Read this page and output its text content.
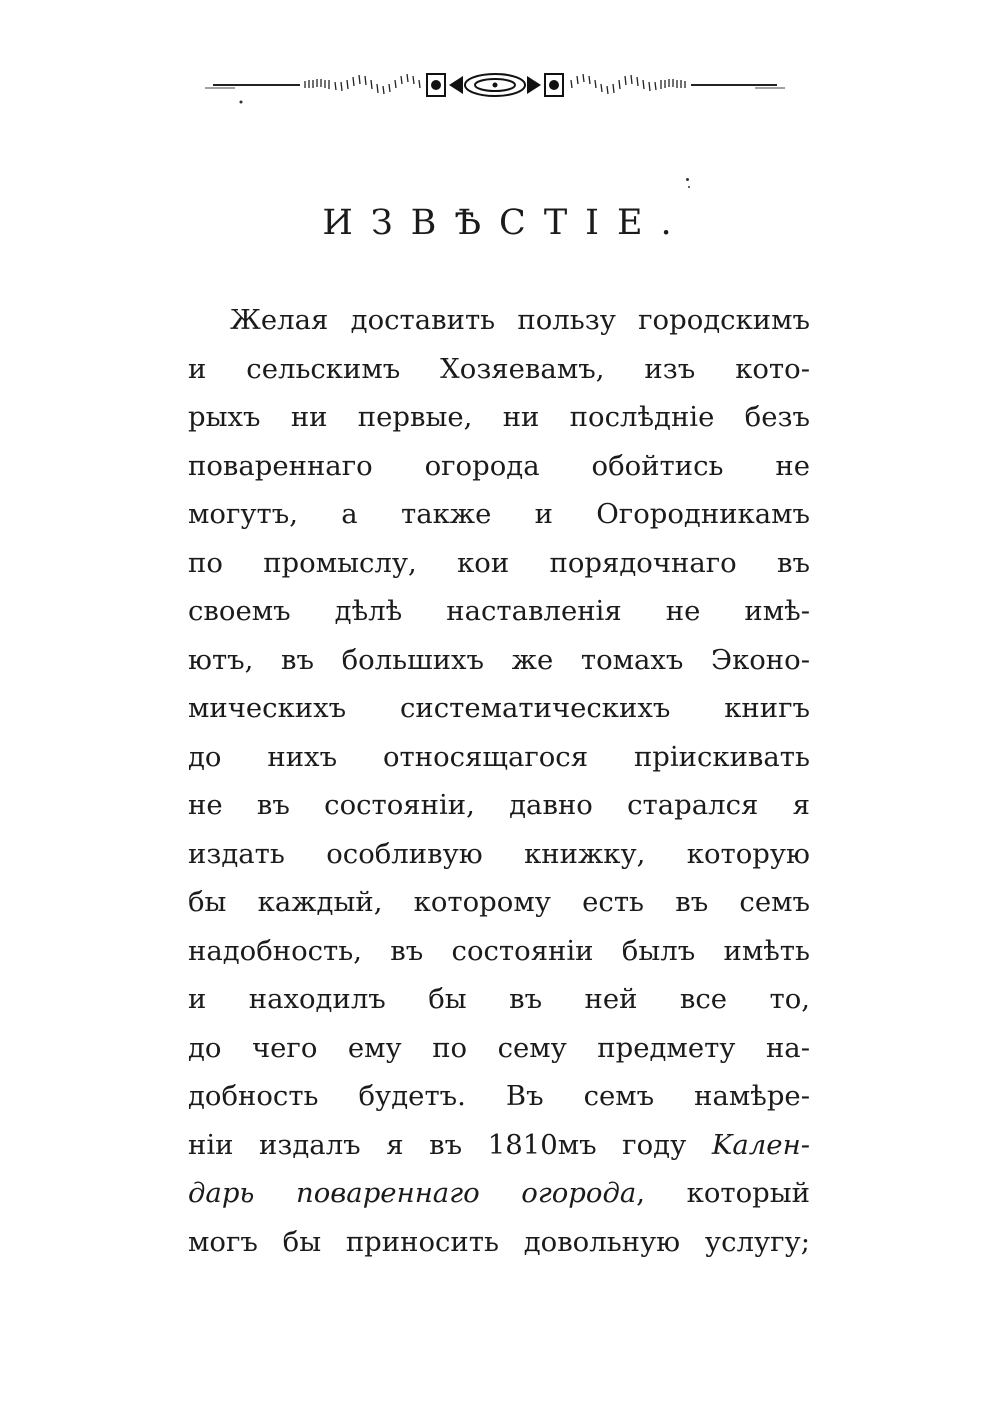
ИЗВѢСТІЕ.
Желая доставить пользу городскимъ
и сельскимъ Хозяевамъ, изъ кото-
рыхъ ни первые, ни послѣдніе безъ
повареннаго огорода обойтись не
могутъ, а также и Огородникамъ
по промыслу, кои порядочнаго въ
своемъ дѣлѣ наставленія не имѣ-
ютъ, въ большихъ же томахъ Эконо-
мическихъ систематическихъ книгъ
до нихъ относящагося пріискивать
не въ состояніи, давно старался я
издать особливую книжку, которую
бы каждый, которому есть въ семъ
надобность, въ состояніи былъ имѣть
и находилъ бы въ ней все то,
до чего ему по сему предмету на-
добность будетъ. Въ семъ намѣре-
ніи издалъ я въ 1810мъ году Kален-
дарь повареннаго огорода, который
могъ бы приносить довольную услугу;
